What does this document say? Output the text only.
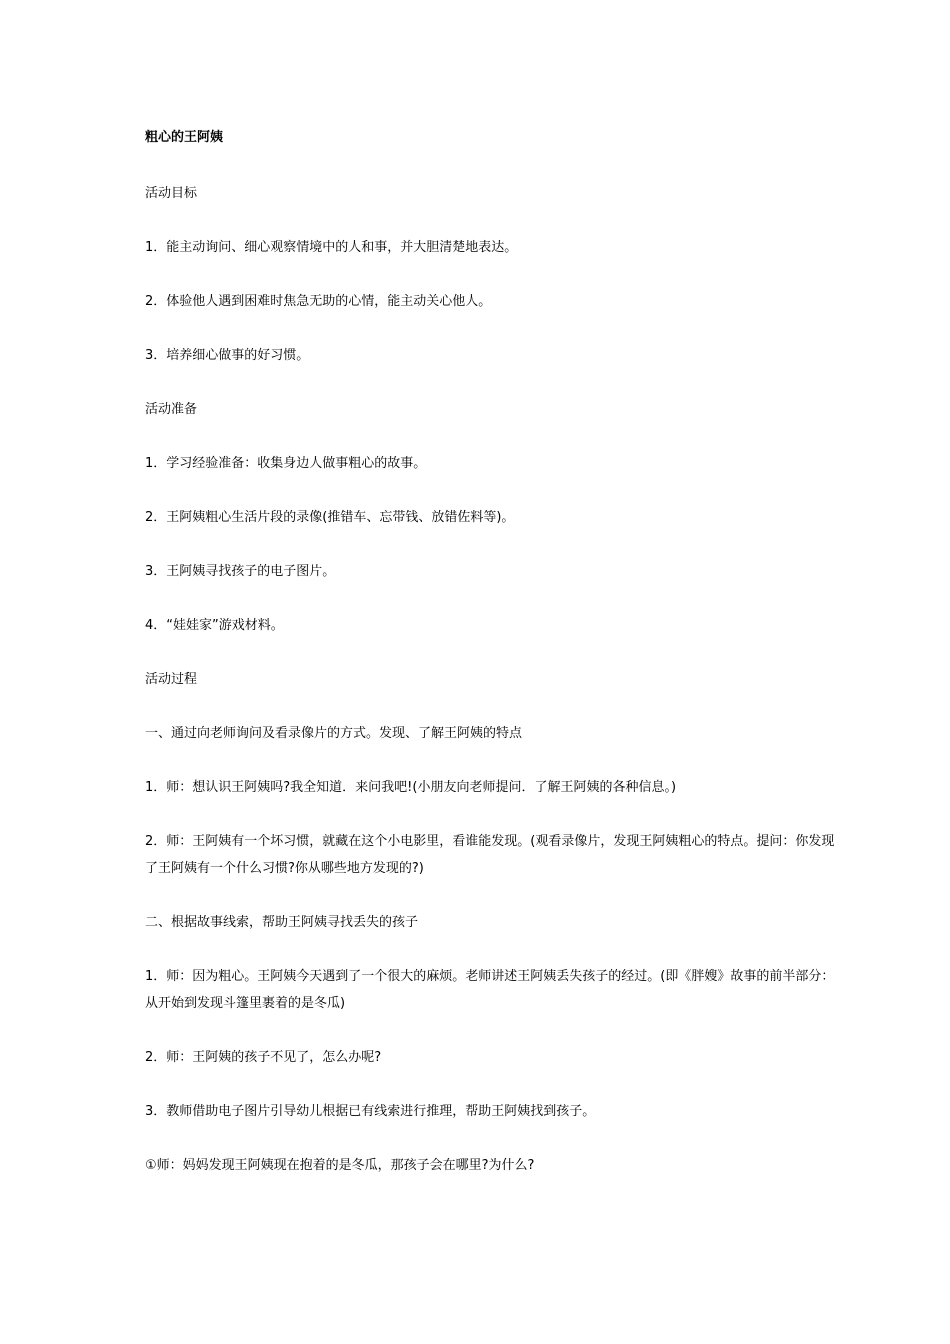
粗心的王阿姨
活动目标
1．能主动询问、细心观察情境中的人和事，并大胆清楚地表达。
2．体验他人遇到困难时焦急无助的心情，能主动关心他人。
3．培养细心做事的好习惯。
活动准备
1．学习经验准备：收集身边人做事粗心的故事。
2．王阿姨粗心生活片段的录像(推错车、忘带钱、放错佐料等)。
3．王阿姨寻找孩子的电子图片。
4．“娃娃家”游戏材料。
活动过程
一、通过向老师询问及看录像片的方式。发现、了解王阿姨的特点
1．师：想认识王阿姨吗?我全知道．来问我吧!(小朋友向老师提问．了解王阿姨的各种信息。)
2．师：王阿姨有一个坏习惯，就藏在这个小电影里，看谁能发现。(观看录像片，发现王阿姨粗心的特点。提问：你发现了王阿姨有一个什么习惯?你从哪些地方发现的?)
二、根据故事线索，帮助王阿姨寻找丢失的孩子
1．师：因为粗心。王阿姨今天遇到了一个很大的麻烦。老师讲述王阿姨丢失孩子的经过。(即《胖嫂》故事的前半部分：从开始到发现斗篷里裹着的是冬瓜)
2．师：王阿姨的孩子不见了，怎么办呢?
3．教师借助电子图片引导幼儿根据已有线索进行推理，帮助王阿姨找到孩子。
①师：妈妈发现王阿姨现在抱着的是冬瓜，那孩子会在哪里?为什么?
